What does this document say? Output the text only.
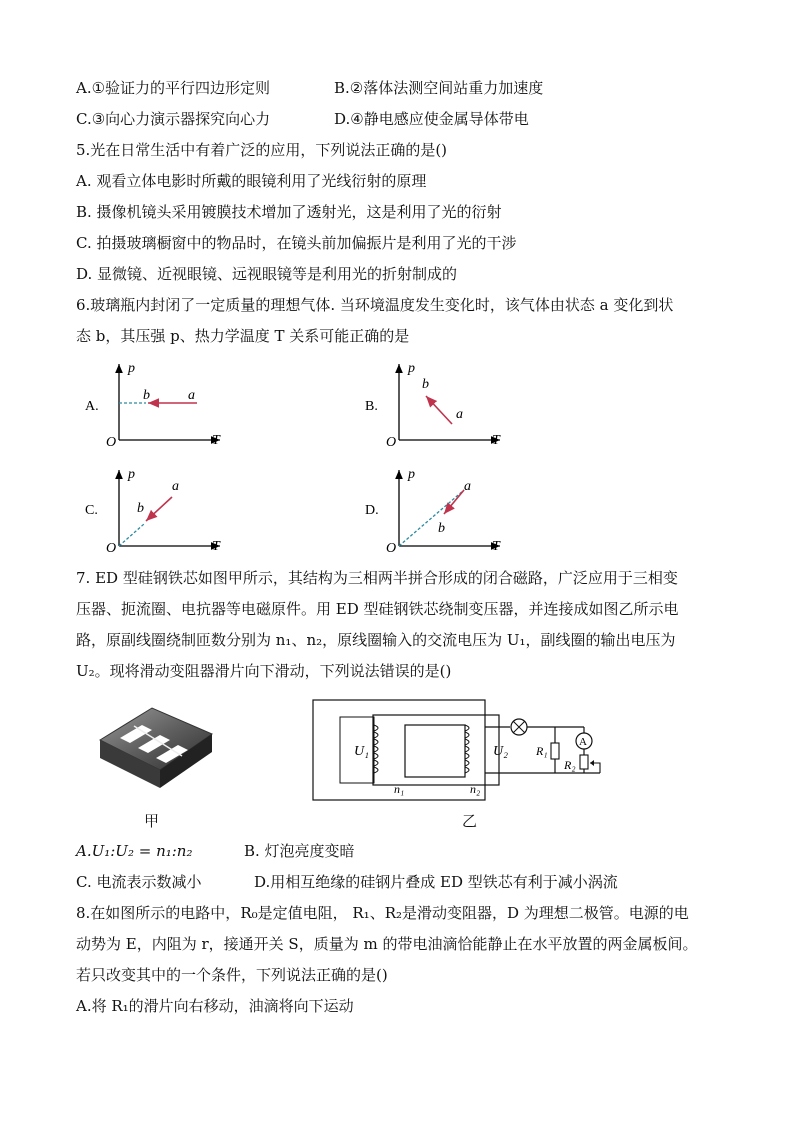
A.①验证力的平行四边形定则	B.②落体法测空间站重力加速度
C.③向心力演示器探究向心力	D.④静电感应使金属导体带电
5.光在日常生活中有着广泛的应用，下列说法正确的是()
A. 观看立体电影时所戴的眼镜利用了光线衍射的原理
B. 摄像机镜头采用镀膜技术增加了透射光，这是利用了光的衍射
C. 拍摄玻璃橱窗中的物品时，在镜头前加偏振片是利用了光的干涉
D. 显微镜、近视眼镜、远视眼镜等是利用光的折射制成的
6.玻璃瓶内封闭了一定质量的理想气体. 当环境温度发生变化时，该气体由状态 a 变化到状
态 b，其压强 p、热力学温度 T 关系可能正确的是
A.
p
T
O
a
b
B.
p
T
O
a
b
C.
p
T
O
a
b	D.
p
T
O
a
b
7. ED 型硅钢铁芯如图甲所示，其结构为三相两半拼合形成的闭合磁路，广泛应用于三相变
压器、扼流圈、电抗器等电磁原件。用 ED 型硅钢铁芯绕制变压器，并连接成如图乙所示电
路，原副线圈绕制匝数分别为 n₁、n₂，原线圈输入的交流电压为 U₁，副线圈的输出电压为
U₂。现将滑动变阻器滑片向下滑动，下列说法错误的是()
甲
A
U₁	U₂
n₁	n₂
R₁
R₂
乙
A.U₁:U₂ = n₁:n₂	B. 灯泡亮度变暗
C. 电流表示数减小	D.用相互绝缘的硅钢片叠成 ED 型铁芯有利于减小涡流
8.在如图所示的电路中，R₀是定值电阻， R₁、R₂是滑动变阻器，D 为理想二极管。电源的电
动势为 E，内阻为 r，接通开关 S，质量为 m 的带电油滴恰能静止在水平放置的两金属板间。
若只改变其中的一个条件，下列说法正确的是()
A.将 R₁的滑片向右移动，油滴将向下运动
